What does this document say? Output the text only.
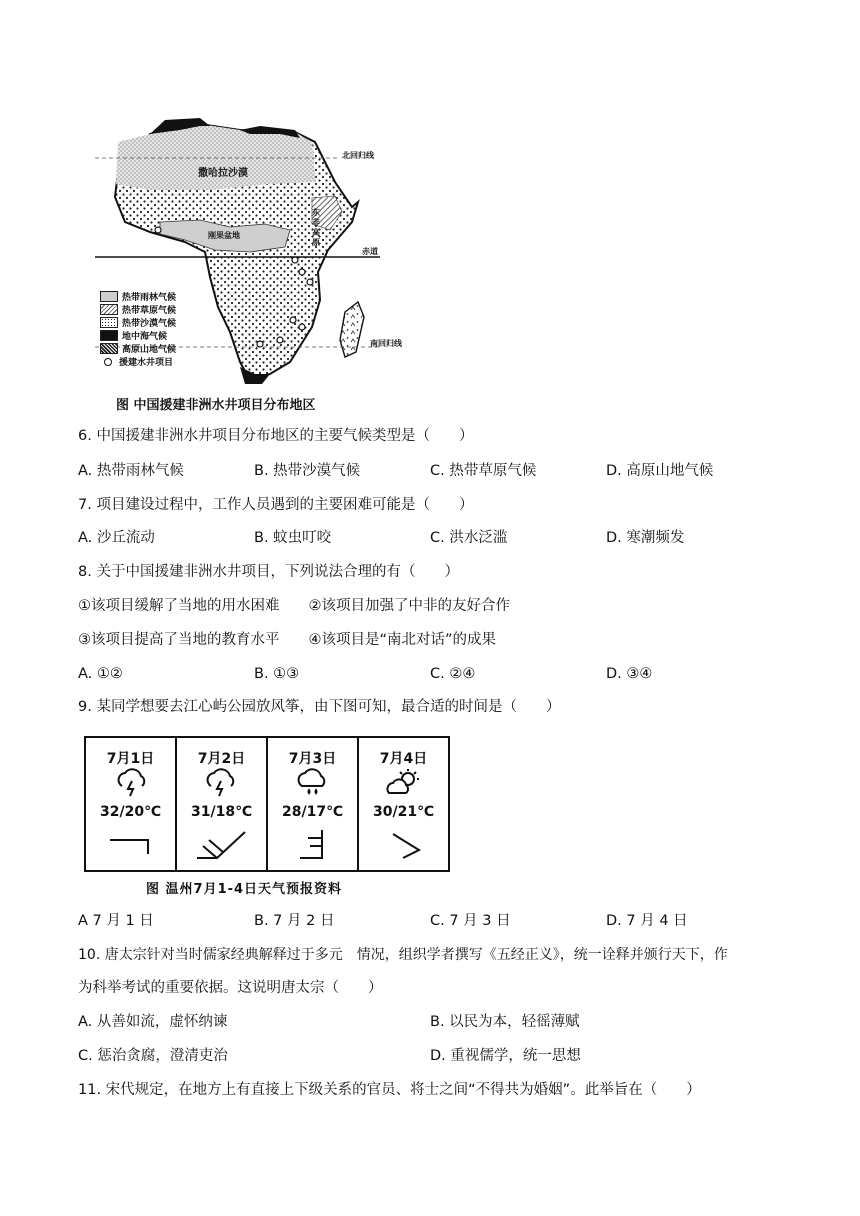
撒哈拉沙漠
北回归线
刚果盆地
赤道
南回归线
东非高原
热带雨林气候
热带草原气候
热带沙漠气候
地中海气候
高原山地气候
援建水井项目
图 中国援建非洲水井项目分布地区
6. 中国援建非洲水井项目分布地区的主要气候类型是（　　）
A. 热带雨林气候	B. 热带沙漠气候	C. 热带草原气候	D. 高原山地气候
7. 项目建设过程中，工作人员遇到的主要困难可能是（　　）
A. 沙丘流动	B. 蚊虫叮咬	C. 洪水泛滥	D. 寒潮频发
8. 关于中国援建非洲水井项目，下列说法合理的有（　　）
①该项目缓解了当地的用水困难　　②该项目加强了中非的友好合作
③该项目提高了当地的教育水平　　④该项目是“南北对话”的成果
A. ①②	B. ①③	C. ②④	D. ③④
9. 某同学想要去江心屿公园放风筝，由下图可知，最合适的时间是（　　）
7月1日
32/20℃
7月2日
31/18℃
7月3日
28/17℃
7月4日
30/21℃
图 温州7月1-4日天气预报资料
A 7 月 1 日	B. 7 月 2 日	C. 7 月 3 日	D. 7 月 4 日
10. 唐太宗针对当时儒家经典解释过于多元　情况，组织学者撰写《五经正义》，统一诠释并颁行天下，作
为科举考试的重要依据。这说明唐太宗（　　）
A. 从善如流，虚怀纳谏	B. 以民为本，轻徭薄赋
C. 惩治贪腐，澄清吏治	D. 重视儒学，统一思想
11. 宋代规定，在地方上有直接上下级关系的官员、将士之间“不得共为婚姻”。此举旨在（　　）
